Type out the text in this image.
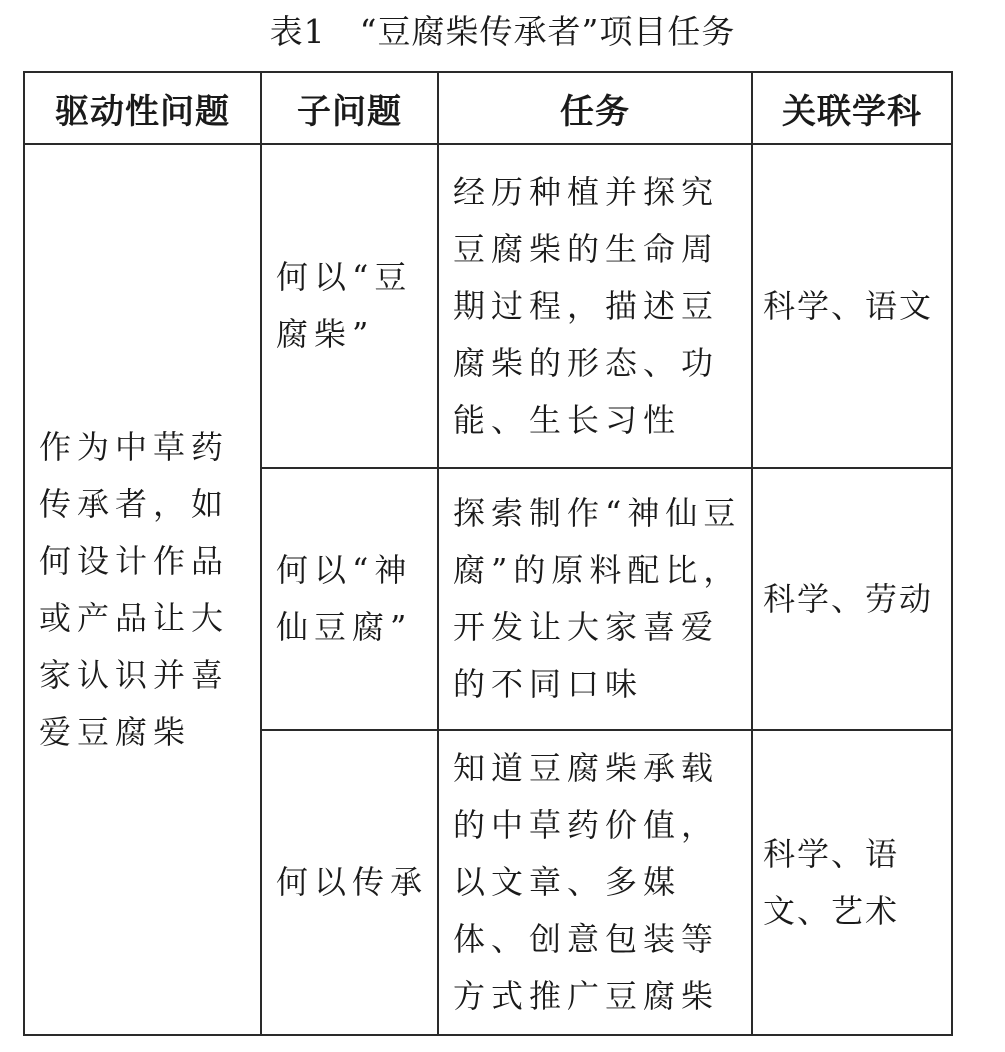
表1　“豆腐柴传承者”项目任务
驱动性问题	子问题	任务	关联学科

作为中草药传承者，如何设计作品或产品让大家认识并喜爱豆腐柴	何以“豆腐柴”	经历种植并探究豆腐柴的生命周期过程，描述豆腐柴的形态、功能、生长习性	科学、语文

	何以“神仙豆腐”	探索制作“神仙豆腐”的原料配比，开发让大家喜爱的不同口味	科学、劳动

	何以传承	知道豆腐柴承载的中草药价值，以文章、多媒体、创意包装等方式推广豆腐柴	科学、语文、艺术
